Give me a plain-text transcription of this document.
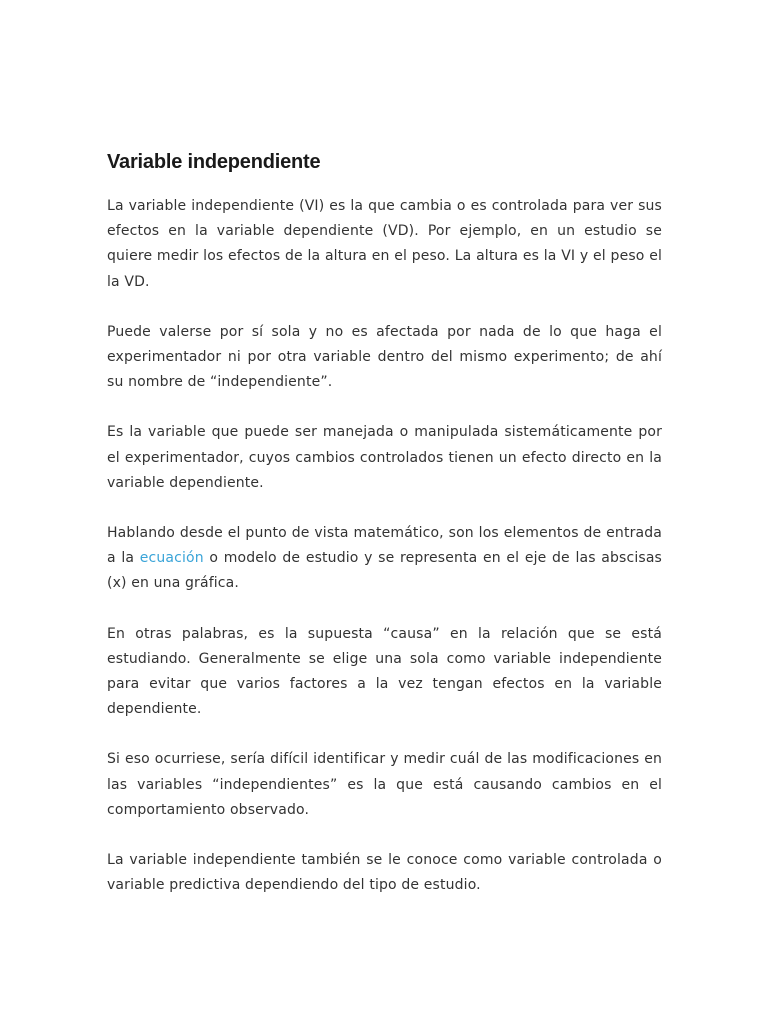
Variable independiente

La variable independiente (VI) es la que cambia o es controlada para ver sus efectos en la variable dependiente (VD). Por ejemplo, en un estudio se quiere medir los efectos de la altura en el peso. La altura es la VI y el peso el la VD.

Puede valerse por sí sola y no es afectada por nada de lo que haga el experimentador ni por otra variable dentro del mismo experimento; de ahí su nombre de “independiente”.

Es la variable que puede ser manejada o manipulada sistemáticamente por el experimentador, cuyos cambios controlados tienen un efecto directo en la variable dependiente.

Hablando desde el punto de vista matemático, son los elementos de entrada a la ecuación o modelo de estudio y se representa en el eje de las abscisas (x) en una gráfica.

En otras palabras, es la supuesta “causa” en la relación que se está estudiando. Generalmente se elige una sola como variable independiente para evitar que varios factores a la vez tengan efectos en la variable dependiente.

Si eso ocurriese, sería difícil identificar y medir cuál de las modificaciones en las variables “independientes” es la que está causando cambios en el comportamiento observado.

La variable independiente también se le conoce como variable controlada o variable predictiva dependiendo del tipo de estudio.
